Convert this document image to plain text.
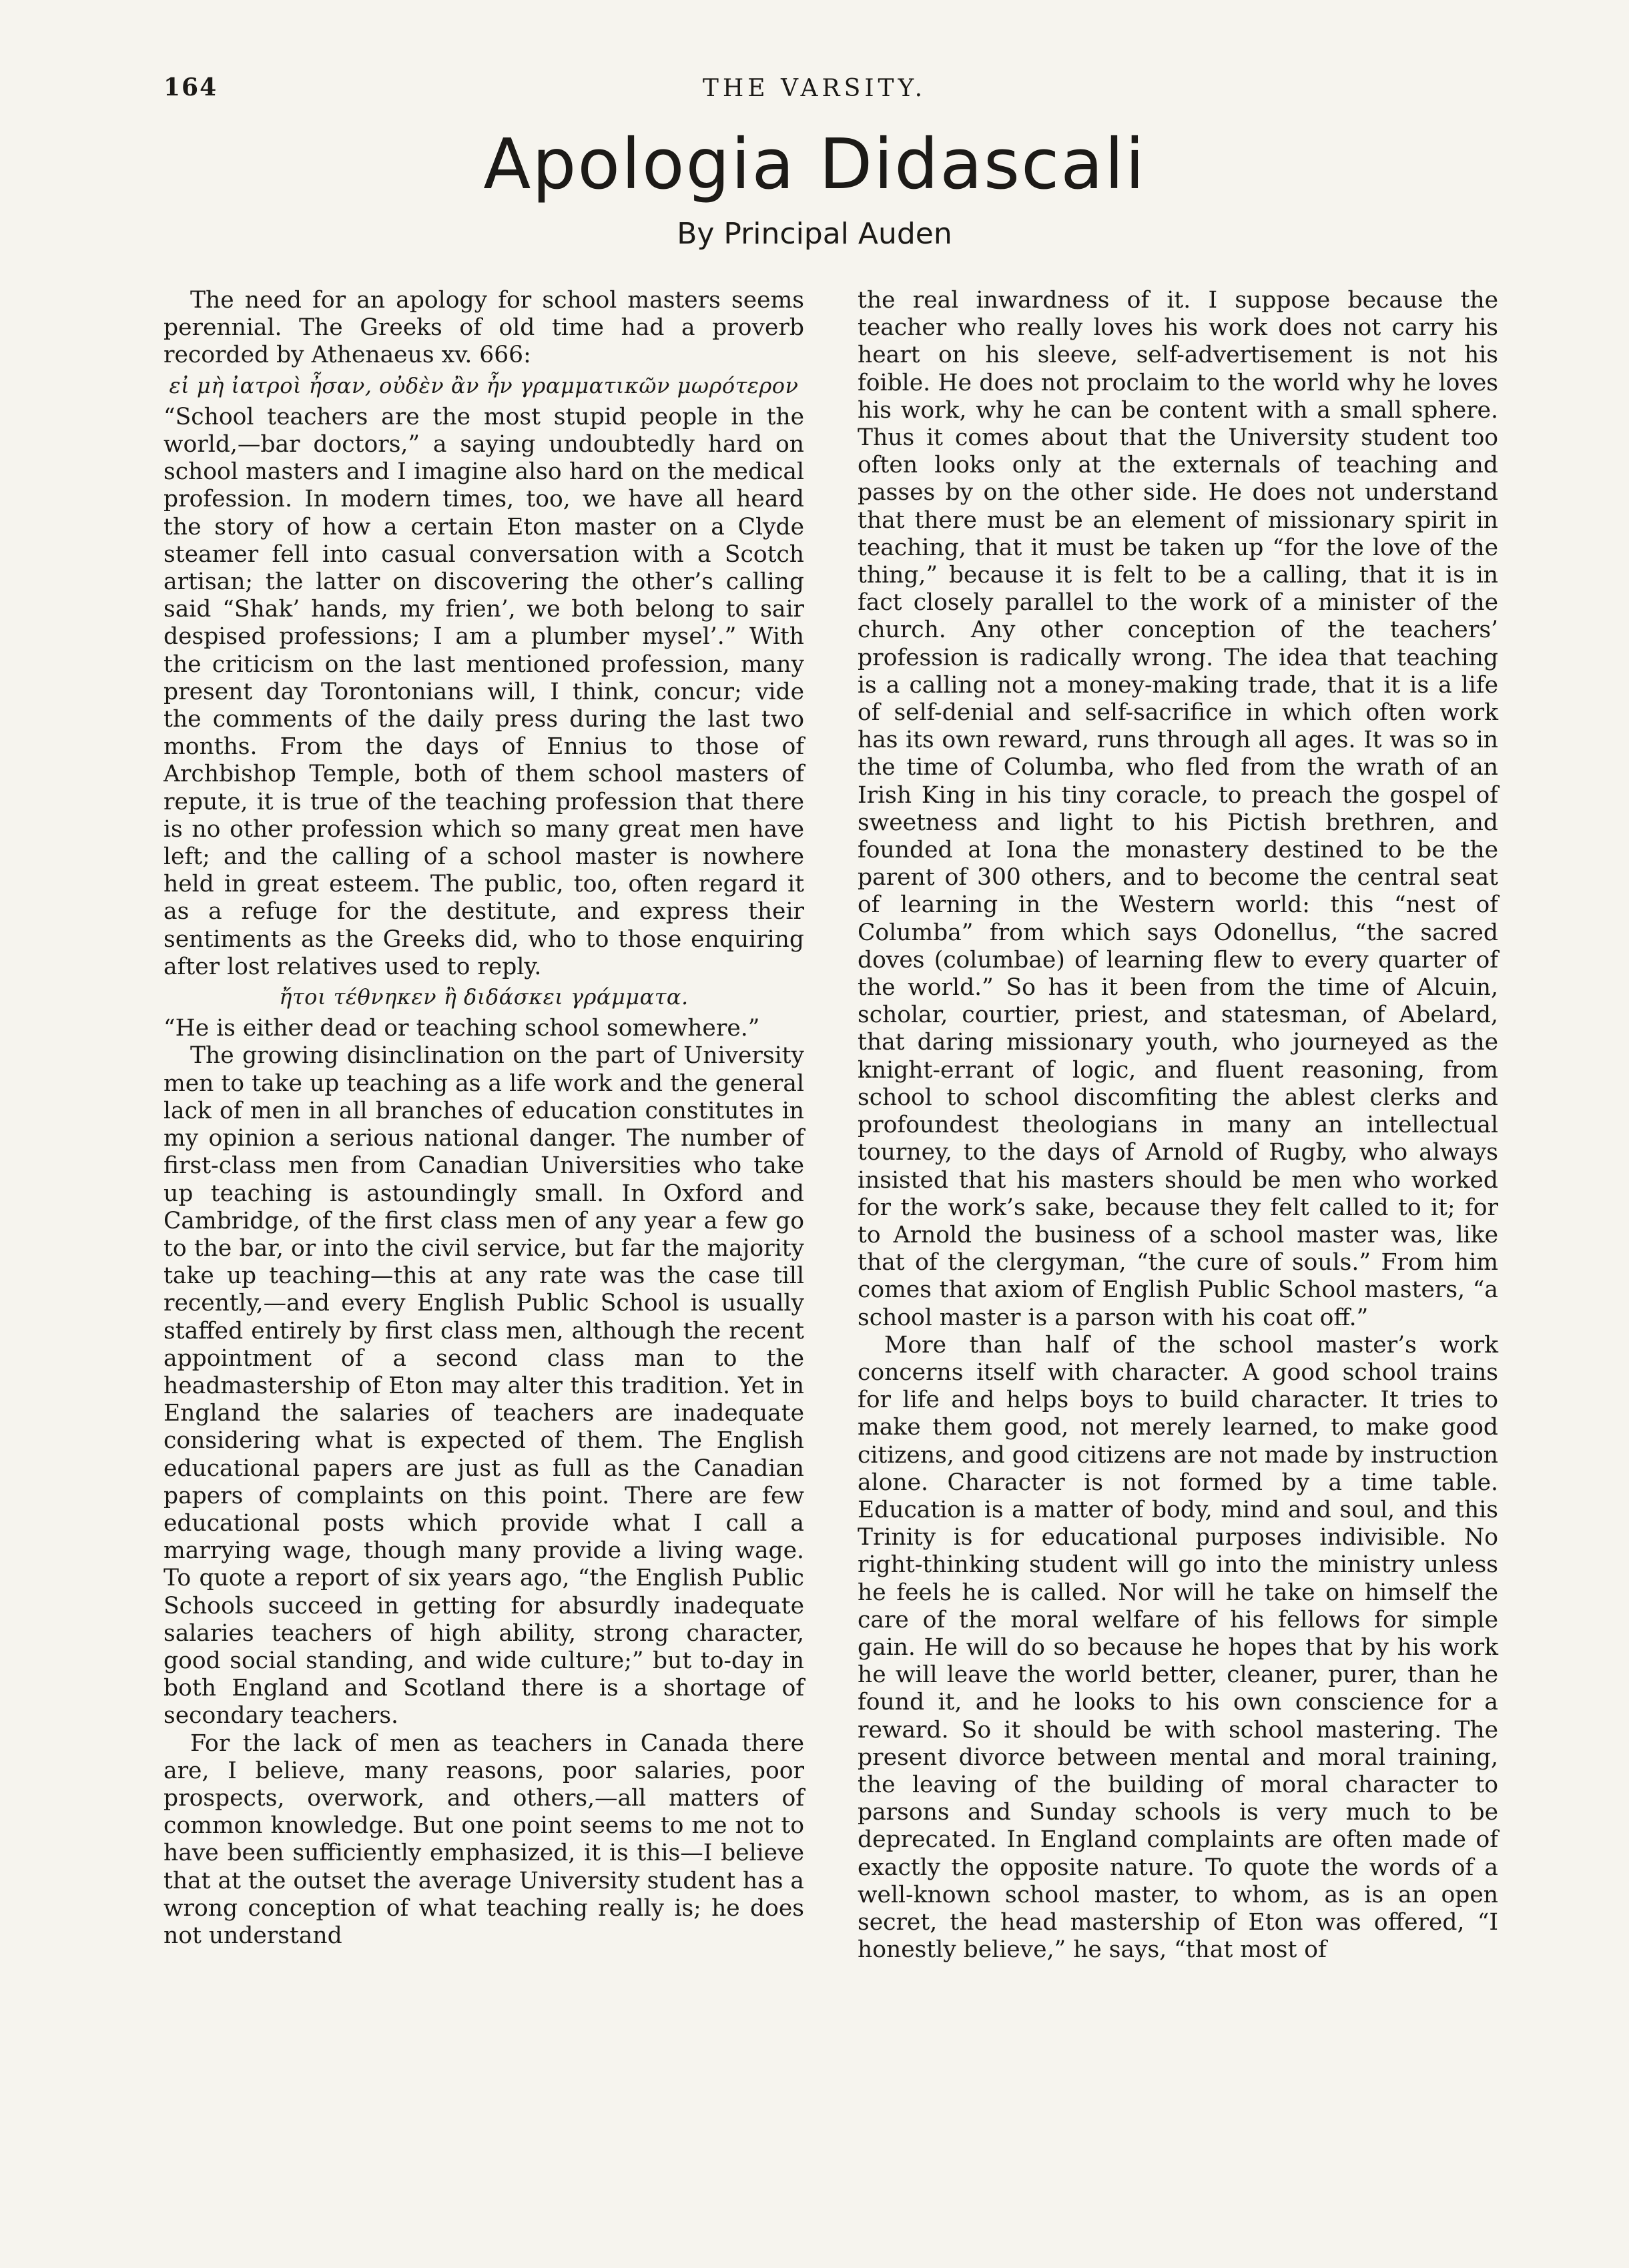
164	THE VARSITY.
Apologia Didascali
By Principal Auden

The need for an apology for school masters seems perennial. The Greeks of old time had a proverb recorded by Athenaeus xv. 666:

εἰ μὴ ἰατροὶ ἦσαν, οὐδὲν ἂν ἦν γραμματικῶν μωρότερον

“School teachers are the most stupid people in the world,—bar doctors,” a saying undoubtedly hard on school masters and I imagine also hard on the medical profession. In modern times, too, we have all heard the story of how a certain Eton master on a Clyde steamer fell into casual conversation with a Scotch artisan; the latter on discovering the other’s calling said “Shak’ hands, my frien’, we both belong to sair despised professions; I am a plumber mysel’.” With the criticism on the last mentioned profession, many present day Torontonians will, I think, concur; vide the comments of the daily press during the last two months. From the days of Ennius to those of Archbishop Temple, both of them school masters of repute, it is true of the teaching profession that there is no other profession which so many great men have left; and the calling of a school master is nowhere held in great esteem. The public, too, often regard it as a refuge for the destitute, and express their sentiments as the Greeks did, who to those enquiring after lost relatives used to reply.

ἤτοι τέθνηκεν ἢ διδάσκει γράμματα.

“He is either dead or teaching school somewhere.”

The growing disinclination on the part of University men to take up teaching as a life work and the general lack of men in all branches of education constitutes in my opinion a serious national danger. The number of first-class men from Canadian Universities who take up teaching is astoundingly small. In Oxford and Cambridge, of the first class men of any year a few go to the bar, or into the civil service, but far the majority take up teaching—this at any rate was the case till recently,—and every English Public School is usually staffed entirely by first class men, although the recent appointment of a second class man to the headmastership of Eton may alter this tradition. Yet in England the salaries of teachers are inadequate considering what is expected of them. The English educational papers are just as full as the Canadian papers of complaints on this point. There are few educational posts which provide what I call a marrying wage, though many provide a living wage. To quote a report of six years ago, “the English Public Schools succeed in getting for absurdly inadequate salaries teachers of high ability, strong character, good social standing, and wide culture;” but to-day in both England and Scotland there is a shortage of secondary teachers.

For the lack of men as teachers in Canada there are, I believe, many reasons, poor salaries, poor prospects, overwork, and others,—all matters of common knowledge. But one point seems to me not to have been sufficiently emphasized, it is this—I believe that at the outset the average University student has a wrong conception of what teaching really is; he does not understand

the real inwardness of it. I suppose because the teacher who really loves his work does not carry his heart on his sleeve, self-advertisement is not his foible. He does not proclaim to the world why he loves his work, why he can be content with a small sphere. Thus it comes about that the University student too often looks only at the externals of teaching and passes by on the other side. He does not understand that there must be an element of missionary spirit in teaching, that it must be taken up “for the love of the thing,” because it is felt to be a calling, that it is in fact closely parallel to the work of a minister of the church. Any other conception of the teachers’ profession is radically wrong. The idea that teaching is a calling not a money-making trade, that it is a life of self-denial and self-sacrifice in which often work has its own reward, runs through all ages. It was so in the time of Columba, who fled from the wrath of an Irish King in his tiny coracle, to preach the gospel of sweetness and light to his Pictish brethren, and founded at Iona the monastery destined to be the parent of 300 others, and to become the central seat of learning in the Western world: this “nest of Columba” from which says Odonellus, “the sacred doves (columbae) of learning flew to every quarter of the world.” So has it been from the time of Alcuin, scholar, courtier, priest, and statesman, of Abelard, that daring missionary youth, who journeyed as the knight-errant of logic, and fluent reasoning, from school to school discomfiting the ablest clerks and profoundest theologians in many an intellectual tourney, to the days of Arnold of Rugby, who always insisted that his masters should be men who worked for the work’s sake, because they felt called to it; for to Arnold the business of a school master was, like that of the clergyman, “the cure of souls.” From him comes that axiom of English Public School masters, “a school master is a parson with his coat off.”

More than half of the school master’s work concerns itself with character. A good school trains for life and helps boys to build character. It tries to make them good, not merely learned, to make good citizens, and good citizens are not made by instruction alone. Character is not formed by a time table. Education is a matter of body, mind and soul, and this Trinity is for educational purposes indivisible. No right-thinking student will go into the ministry unless he feels he is called. Nor will he take on himself the care of the moral welfare of his fellows for simple gain. He will do so because he hopes that by his work he will leave the world better, cleaner, purer, than he found it, and he looks to his own conscience for a reward. So it should be with school mastering. The present divorce between mental and moral training, the leaving of the building of moral character to parsons and Sunday schools is very much to be deprecated. In England complaints are often made of exactly the opposite nature. To quote the words of a well-known school master, to whom, as is an open secret, the head mastership of Eton was offered, “I honestly believe,” he says, “that most of
